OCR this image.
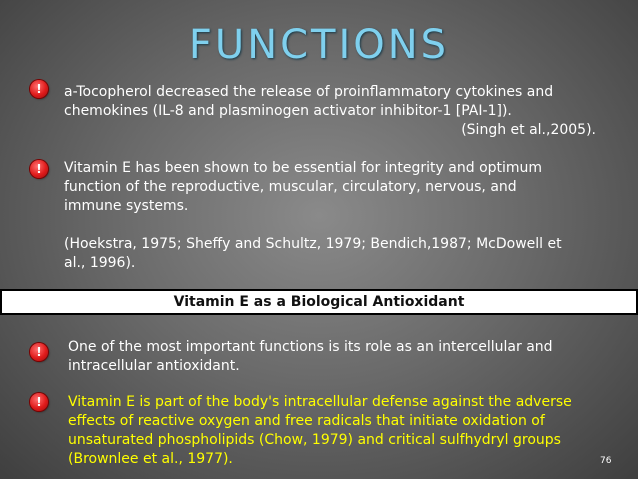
FUNCTIONS
!	a-Tocopherol decreased the release of proinflammatory cytokines and
chemokines (IL-8 and plasminogen activator inhibitor-1 [PAI-1]).

(Singh et al.,2005).
!	Vitamin E has been shown to be essential for integrity and optimum
function of the reproductive, muscular, circulatory, nervous, and
immune systems.

(Hoekstra, 1975; Sheffy and Schultz, 1979; Bendich,1987; McDowell et
al., 1996).
Vitamin E as a Biological Antioxidant
!	One of the most important functions is its role as an intercellular and
intracellular antioxidant.
!	Vitamin E is part of the body's intracellular defense against the adverse
effects of reactive oxygen and free radicals that initiate oxidation of
unsaturated phospholipids (Chow, 1979) and critical sulfhydryl groups
(Brownlee et al., 1977).	76
